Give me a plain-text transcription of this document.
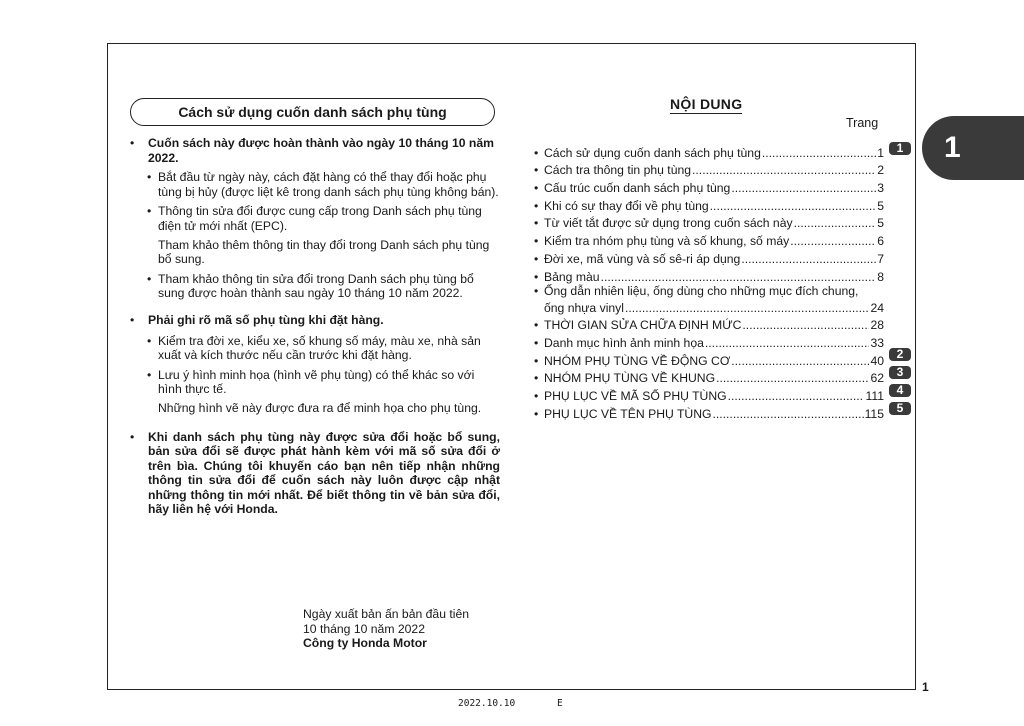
Cách sử dụng cuốn danh sách phụ tùng
• Cuốn sách này được hoàn thành vào ngày 10 tháng 10 năm 2022.
• Bắt đầu từ ngày này, cách đặt hàng có thể thay đổi hoặc phụ tùng bị hủy (được liệt kê trong danh sách phụ tùng không bán).
• Thông tin sửa đổi được cung cấp trong Danh sách phụ tùng điện tử mới nhất (EPC).
Tham khảo thêm thông tin thay đổi trong Danh sách phụ tùng bổ sung.
• Tham khảo thông tin sửa đổi trong Danh sách phụ tùng bổ sung được hoàn thành sau ngày 10 tháng 10 năm 2022.
• Phải ghi rõ mã số phụ tùng khi đặt hàng.
• Kiểm tra đời xe, kiểu xe, số khung số máy, màu xe, nhà sản xuất và kích thước nếu cần trước khi đặt hàng.
• Lưu ý hình minh họa (hình vẽ phụ tùng) có thể khác so với hình thực tế.
Những hình vẽ này được đưa ra để minh họa cho phụ tùng.
• Khi danh sách phụ tùng này được sửa đổi hoặc bổ sung, bản sửa đổi sẽ được phát hành kèm với mã số sửa đổi ở trên bìa. Chúng tôi khuyến cáo bạn nên tiếp nhận những thông tin sửa đổi để cuốn sách này luôn được cập nhật những thông tin mới nhất. Để biết thông tin về bản sửa đổi, hãy liên hệ với Honda.
Ngày xuất bản ấn bản đầu tiên
10 tháng 10 năm 2022
Công ty Honda Motor
NỘI DUNG
Trang
• Cách sử dụng cuốn danh sách phụ tùng .....	1
• Cách tra thông tin phụ tùng .....	2
• Cấu trúc cuốn danh sách phụ tùng .....	3
• Khi có sự thay đổi về phụ tùng .....	5
• Từ viết tắt được sử dụng trong cuốn sách này .....	5
• Kiểm tra nhóm phụ tùng và số khung, số máy .....	6
• Đời xe, mã vùng và số sê-ri áp dụng .....	7
• Bảng màu .....	8
• Ống dẫn nhiên liệu, ống dùng cho những mục đích chung,
ống nhựa vinyl .....	24
• THỜI GIAN SỬA CHỮA ĐỊNH MỨC .....	28
• Danh mục hình ảnh minh họa .....	33
• NHÓM PHỤ TÙNG VỀ ĐỘNG CƠ .....	40
• NHÓM PHỤ TÙNG VỀ KHUNG .....	62
• PHỤ LỤC VỀ MÃ SỐ PHỤ TÙNG .....	111
• PHỤ LỤC VỀ TÊN PHỤ TÙNG .....	115
1
2
3
4
5
1
1
2022.10.10	E
